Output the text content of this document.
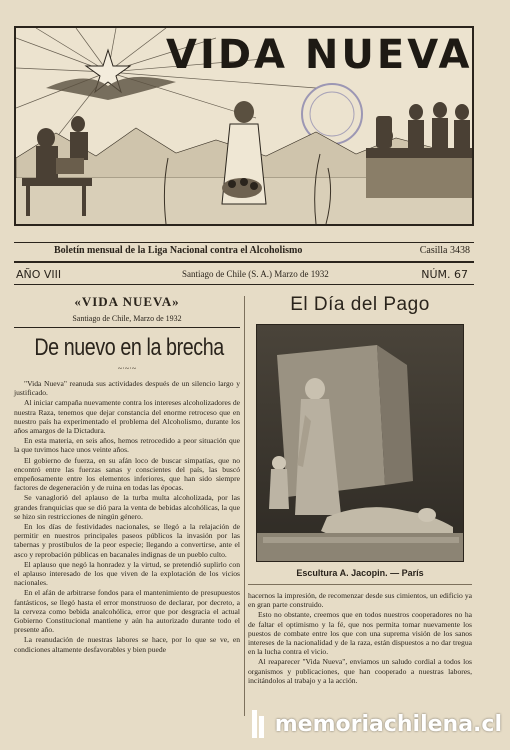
VIDA NUEVA
Boletín mensual de la Liga Nacional contra el Alcoholismo	Casilla 3438
AÑO VIII	Santiago de Chile (S. A.) Marzo de 1932	NÚM. 67
«VIDA NUEVA»
Santiago de Chile, Marzo de 1932
De nuevo en la brecha
~·~·~

"Vida Nueva" reanuda sus actividades después de un silencio largo y justificado.

Al iniciar campaña nuevamente contra los intereses alcoholizadores de nuestra Raza, tenemos que dejar constancia del enorme retroceso que en nuestro país ha experimentado el problema del Alcoholismo, durante los años amargos de la Dictadura.

En esta materia, en seis años, hemos retrocedido a peor situación que la que tuvimos hace unos veinte años.

El gobierno de fuerza, en su afán loco de buscar simpatías, que no encontró entre las fuerzas sanas y conscientes del país, las buscó empeñosamente entre los elementos inferiores, que han sido siempre factores de degeneración y de ruina en todas las épocas.

Se vanaglorió del aplauso de la turba multa alcoholizada, por las grandes franquicias que se dió para la venta de bebidas alcohólicas, la que se hizo sin restricciones de ningún género.

En los días de festividades nacionales, se llegó a la relajación de permitir en nuestros principales paseos públicos la invasión por las tabernas y prostíbulos de la peor especie; llegando a convertirse, ante el asco y reprobación públicas en bacanales indignas de un pueblo culto.

El aplauso que negó la honradez y la virtud, se pretendió suplirlo con el aplauso interesado de los que viven de la explotación de los vicios nacionales.

En el afán de arbitrarse fondos para el mantenimiento de presupuestos fantásticos, se llegó hasta el error monstruoso de declarar, por decreto, a la cerveza como bebida analcohólica, error que por desgracia el actual Gobierno Constitucional mantiene y aún ha autorizado durante todo el presente año.

La reanudación de nuestras labores se hace, por lo que se ve, en condiciones altamente desfavorables y bien puede

El Día del Pago
Escultura A. Jacopin. — París

hacernos la impresión, de recomenzar desde sus cimientos, un edificio ya en gran parte construido.

Esto no obstante, creemos que en todos nuestros cooperadores no ha de faltar el optimismo y la fé, que nos permita tomar nuevamente los puestos de combate entre los que con una suprema visión de los sanos intereses de la nacionalidad y de la raza, están dispuestos a no dar tregua en la lucha contra el vicio.

Al reaparecer "Vida Nueva", enviamos un saludo cordial a todos los organismos y publicaciones, que han cooperado a nuestras labores, incitándolos al trabajo y a la acción.

memoriachilena.cl
